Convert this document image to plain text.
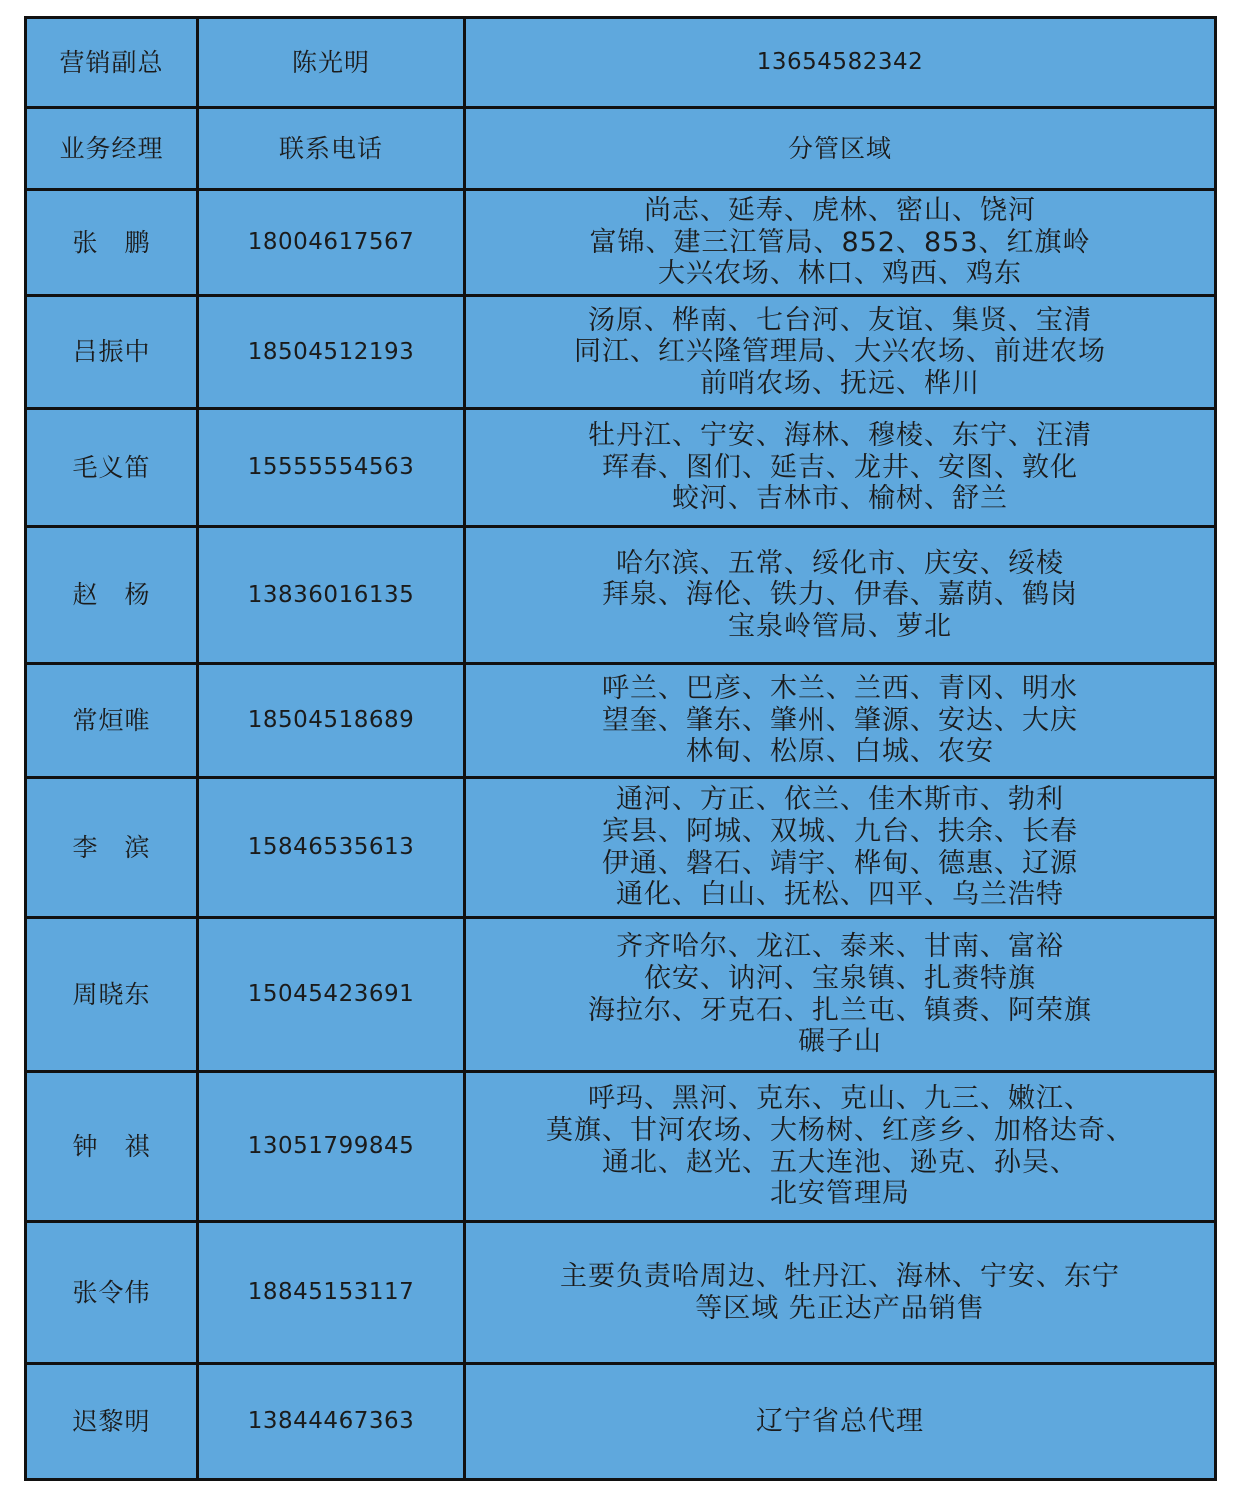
营销副总	陈光明	13654582342
业务经理	联系电话	分管区域
张　鹏	18004617567	尚志、延寿、虎林、密山、饶河
富锦、建三江管局、852、853、红旗岭
大兴农场、林口、鸡西、鸡东

吕振中	18504512193	汤原、桦南、七台河、友谊、集贤、宝清
同江、红兴隆管理局、大兴农场、前进农场
前哨农场、抚远、桦川

毛义笛	15555554563	牡丹江、宁安、海林、穆棱、东宁、汪清
珲春、图们、延吉、龙井、安图、敦化
蛟河、吉林市、榆树、舒兰

赵　杨	13836016135	哈尔滨、五常、绥化市、庆安、绥棱
拜泉、海伦、铁力、伊春、嘉荫、鹤岗
宝泉岭管局、萝北

常烜唯	18504518689	呼兰、巴彦、木兰、兰西、青冈、明水
望奎、肇东、肇州、肇源、安达、大庆
林甸、松原、白城、农安

李　滨	15846535613	通河、方正、依兰、佳木斯市、勃利
宾县、阿城、双城、九台、扶余、长春
伊通、磐石、靖宇、桦甸、德惠、辽源
通化、白山、抚松、四平、乌兰浩特

周晓东	15045423691	齐齐哈尔、龙江、泰来、甘南、富裕
依安、讷河、宝泉镇、扎赉特旗
海拉尔、牙克石、扎兰屯、镇赉、阿荣旗
碾子山

钟　祺	13051799845	呼玛、黑河、克东、克山、九三、嫩江、
莫旗、甘河农场、大杨树、红彦乡、加格达奇、
通北、赵光、五大连池、逊克、孙吴、
北安管理局

张令伟	18845153117	主要负责哈周边、牡丹江、海林、宁安、东宁
等区域 先正达产品销售

迟黎明	13844467363	辽宁省总代理
